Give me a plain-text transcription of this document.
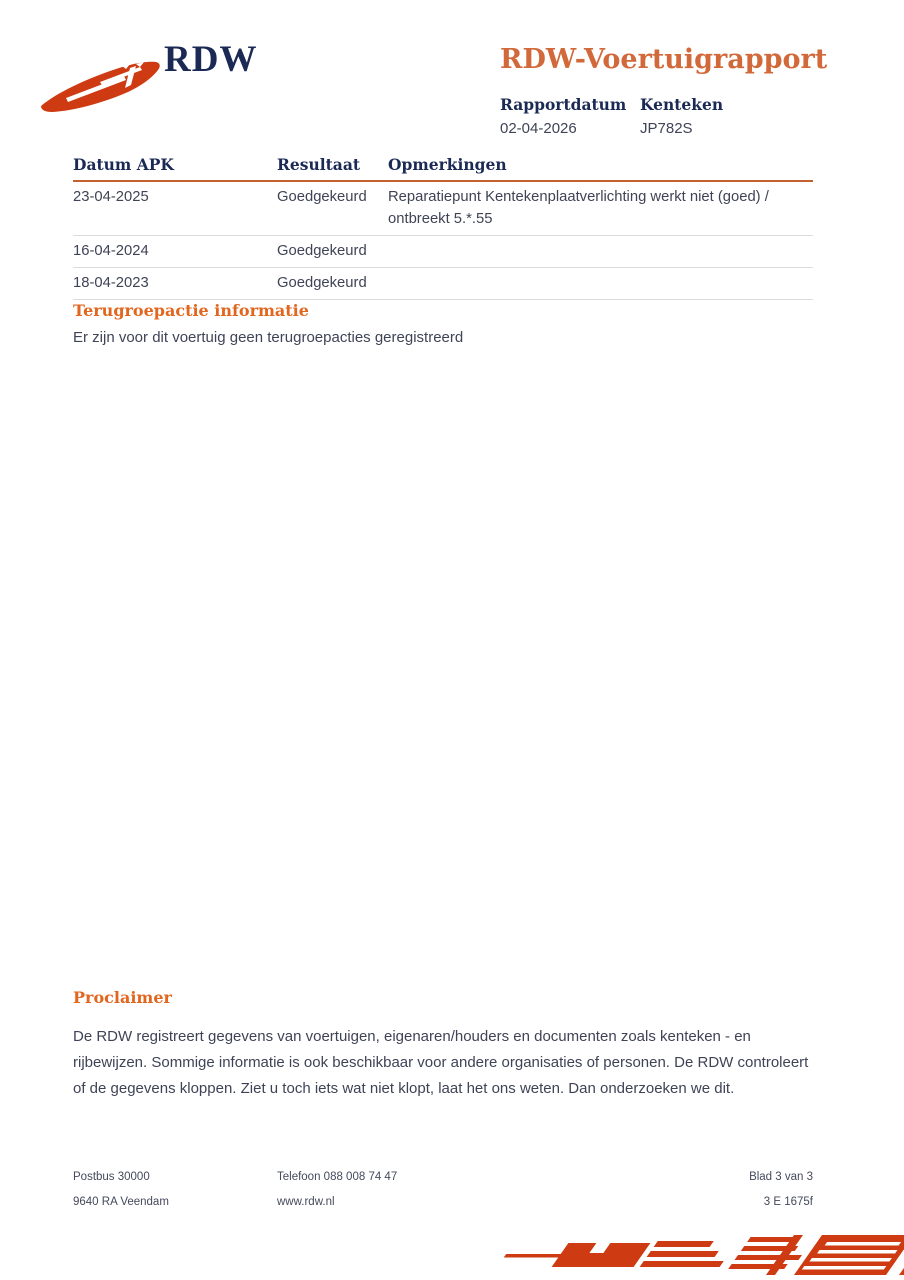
RDW	RDW-Voertuigrapport
Rapportdatum
02-04-2026
Kenteken
JP782S
Datum APK	Resultaat	Opmerkingen
23-04-2025	Goedgekeurd	Reparatiepunt Kentekenplaatverlichting werkt niet (goed) / ontbreekt 5.*.55
16-04-2024	Goedgekeurd
18-04-2023	Goedgekeurd
Terugroepactie informatie
Er zijn voor dit voertuig geen terugroepacties geregistreerd
Proclaimer
De RDW registreert gegevens van voertuigen, eigenaren/houders en documenten zoals kenteken - en rijbewijzen. Sommige informatie is ook beschikbaar voor andere organisaties of personen. De RDW controleert of de gegevens kloppen. Ziet u toch iets wat niet klopt, laat het ons weten. Dan onderzoeken we dit.
Postbus 30000	Telefoon 088 008 74 47	Blad 3 van 3
9640 RA Veendam	www.rdw.nl	3 E 1675f
